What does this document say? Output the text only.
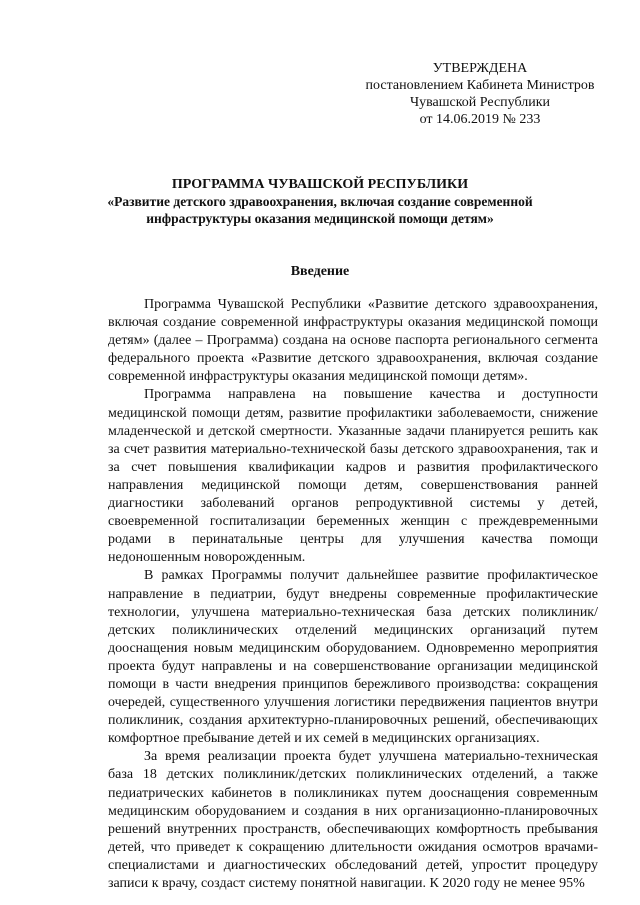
УТВЕРЖДЕНА
постановлением Кабинета Министров
Чувашской Республики
от 14.06.2019 № 233
ПРОГРАММА ЧУВАШСКОЙ РЕСПУБЛИКИ
«Развитие детского здравоохранения, включая создание современной
инфраструктуры оказания медицинской помощи детям»
Введение

Программа Чувашской Республики «Развитие детского здравоохранения, включая создание современной инфраструктуры оказания медицинской помощи детям» (далее – Программа) создана на основе паспорта регионального сегмента федерального проекта «Развитие детского здравоохранения, включая создание современной инфраструктуры оказания медицинской помощи детям».

Программа направлена на повышение качества и доступности медицинской помощи детям, развитие профилактики заболеваемости, снижение младенческой и детской смертности. Указанные задачи планируется решить как за счет развития материально-технической базы детского здравоохранения, так и за счет повышения квалификации кадров и развития профилактического направления медицинской помощи детям, совершенствования ранней диагностики заболеваний органов репродуктивной системы у детей, своевременной госпитализации беременных женщин с преждевременными родами в перинатальные центры для улучшения качества помощи недоношенным новорожденным.

В рамках Программы получит дальнейшее развитие профилактическое направление в педиатрии, будут внедрены современные профилактические технологии, улучшена материально-техническая база детских поликлиник/детских поликлинических отделений медицинских организаций путем дооснащения новым медицинским оборудованием. Одновременно мероприятия проекта будут направлены и на совершенствование организации медицинской помощи в части внедрения принципов бережливого производства: сокращения очередей, существенного улучшения логистики передвижения пациентов внутри поликлиник, создания архитектурно-планировочных решений, обеспечивающих комфортное пребывание детей и их семей в медицинских организациях.

За время реализации проекта будет улучшена материально-техническая база 18 детских поликлиник/детских поликлинических отделений, а также педиатрических кабинетов в поликлиниках путем дооснащения современным медицинским оборудованием и создания в них организационно-планировочных решений внутренних пространств, обеспечивающих комфортность пребывания детей, что приведет к сокращению длительности ожидания осмотров врачами-специалистами и диагностических обследований детей, упростит процедуру записи к врачу, создаст систему понятной навигации. К 2020 году не менее 95%
